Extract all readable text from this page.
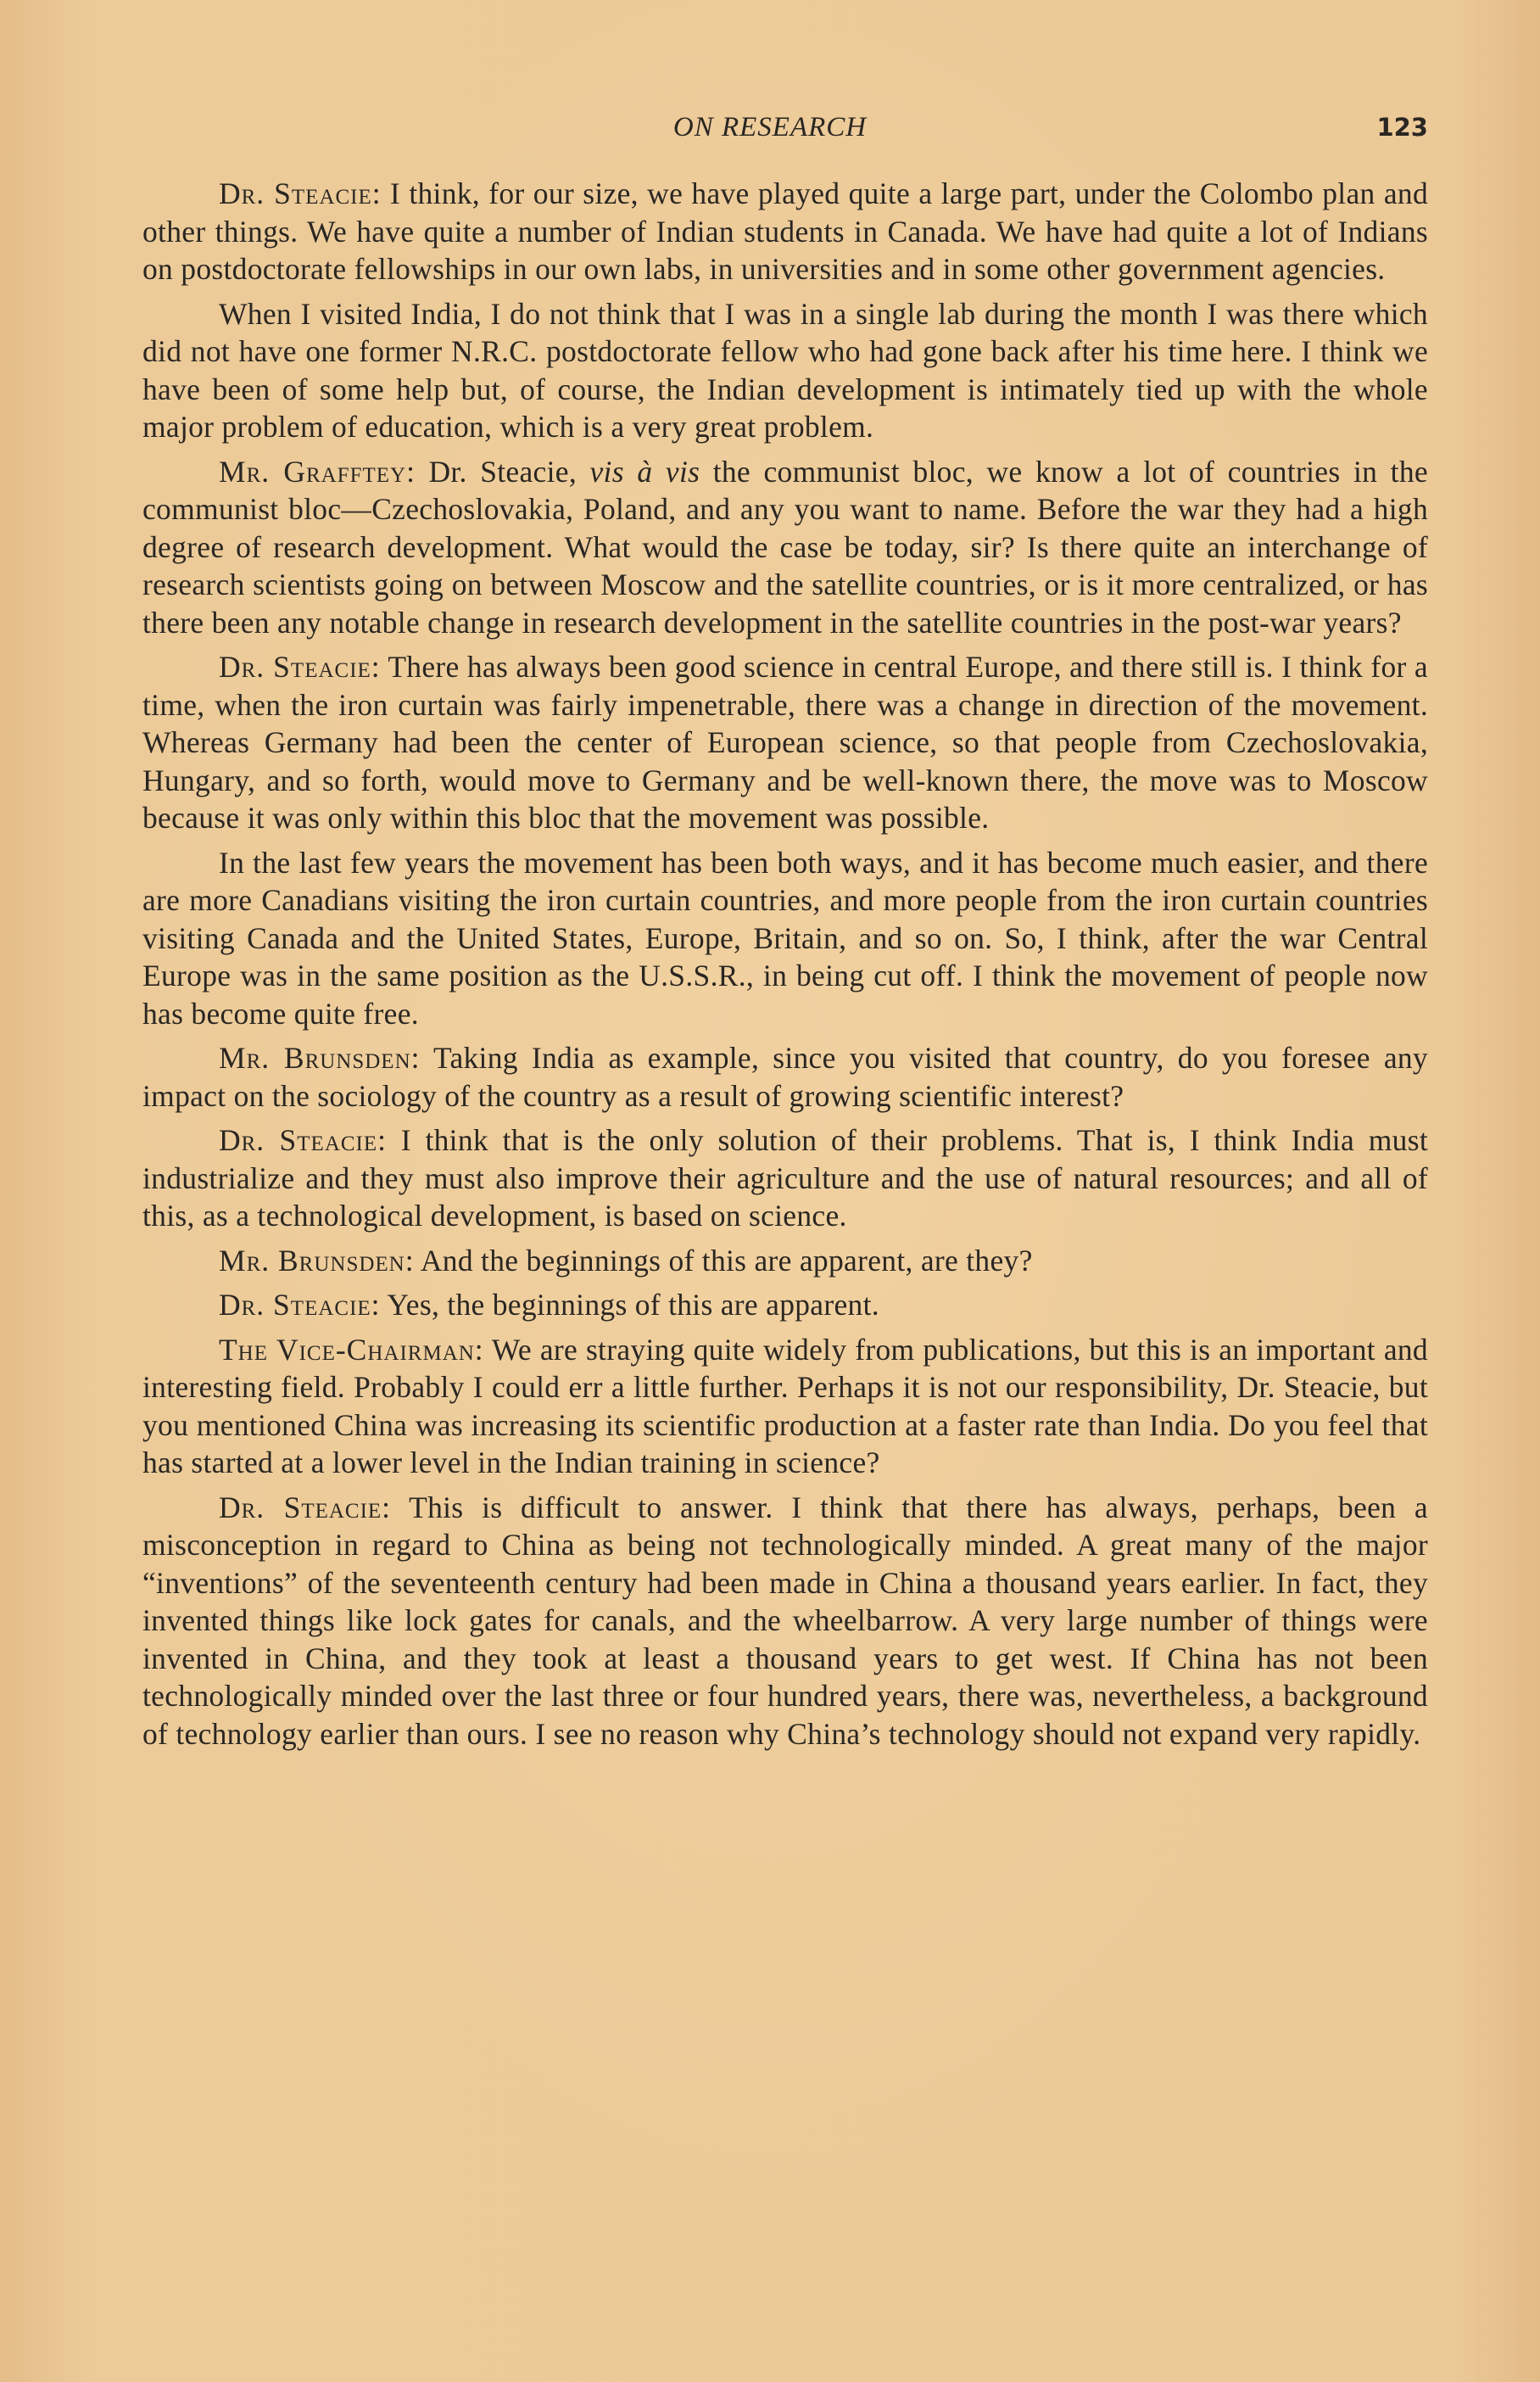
ON RESEARCH	123

Dr. Steacie: I think, for our size, we have played quite a large part, under the Colombo plan and other things. We have quite a number of Indian students in Canada. We have had quite a lot of Indians on postdoctorate fellowships in our own labs, in universities and in some other government agencies.

When I visited India, I do not think that I was in a single lab during the month I was there which did not have one former N.R.C. postdoctorate fellow who had gone back after his time here. I think we have been of some help but, of course, the Indian development is intimately tied up with the whole major problem of education, which is a very great problem.

Mr. Grafftey: Dr. Steacie, vis à vis the communist bloc, we know a lot of countries in the communist bloc—Czechoslovakia, Poland, and any you want to name. Before the war they had a high degree of research development. What would the case be today, sir? Is there quite an interchange of research scientists going on between Moscow and the satellite countries, or is it more centralized, or has there been any notable change in research development in the satellite countries in the post-war years?

Dr. Steacie: There has always been good science in central Europe, and there still is. I think for a time, when the iron curtain was fairly impenetrable, there was a change in direction of the movement. Whereas Germany had been the center of European science, so that people from Czechoslovakia, Hungary, and so forth, would move to Germany and be well-known there, the move was to Moscow because it was only within this bloc that the movement was possible.

In the last few years the movement has been both ways, and it has become much easier, and there are more Canadians visiting the iron curtain countries, and more people from the iron curtain countries visiting Canada and the United States, Europe, Britain, and so on. So, I think, after the war Central Europe was in the same position as the U.S.S.R., in being cut off. I think the movement of people now has become quite free.

Mr. Brunsden: Taking India as example, since you visited that country, do you foresee any impact on the sociology of the country as a result of growing scientific interest?

Dr. Steacie: I think that is the only solution of their problems. That is, I think India must industrialize and they must also improve their agriculture and the use of natural resources; and all of this, as a technological development, is based on science.

Mr. Brunsden: And the beginnings of this are apparent, are they?

Dr. Steacie: Yes, the beginnings of this are apparent.

The Vice-Chairman: We are straying quite widely from publications, but this is an important and interesting field. Probably I could err a little further. Perhaps it is not our responsibility, Dr. Steacie, but you mentioned China was increasing its scientific production at a faster rate than India. Do you feel that has started at a lower level in the Indian training in science?

Dr. Steacie: This is difficult to answer. I think that there has always, perhaps, been a misconception in regard to China as being not technologically minded. A great many of the major “inventions” of the seventeenth century had been made in China a thousand years earlier. In fact, they invented things like lock gates for canals, and the wheelbarrow. A very large number of things were invented in China, and they took at least a thousand years to get west. If China has not been technologically minded over the last three or four hundred years, there was, nevertheless, a background of technology earlier than ours. I see no reason why China’s technology should not expand very rapidly.
